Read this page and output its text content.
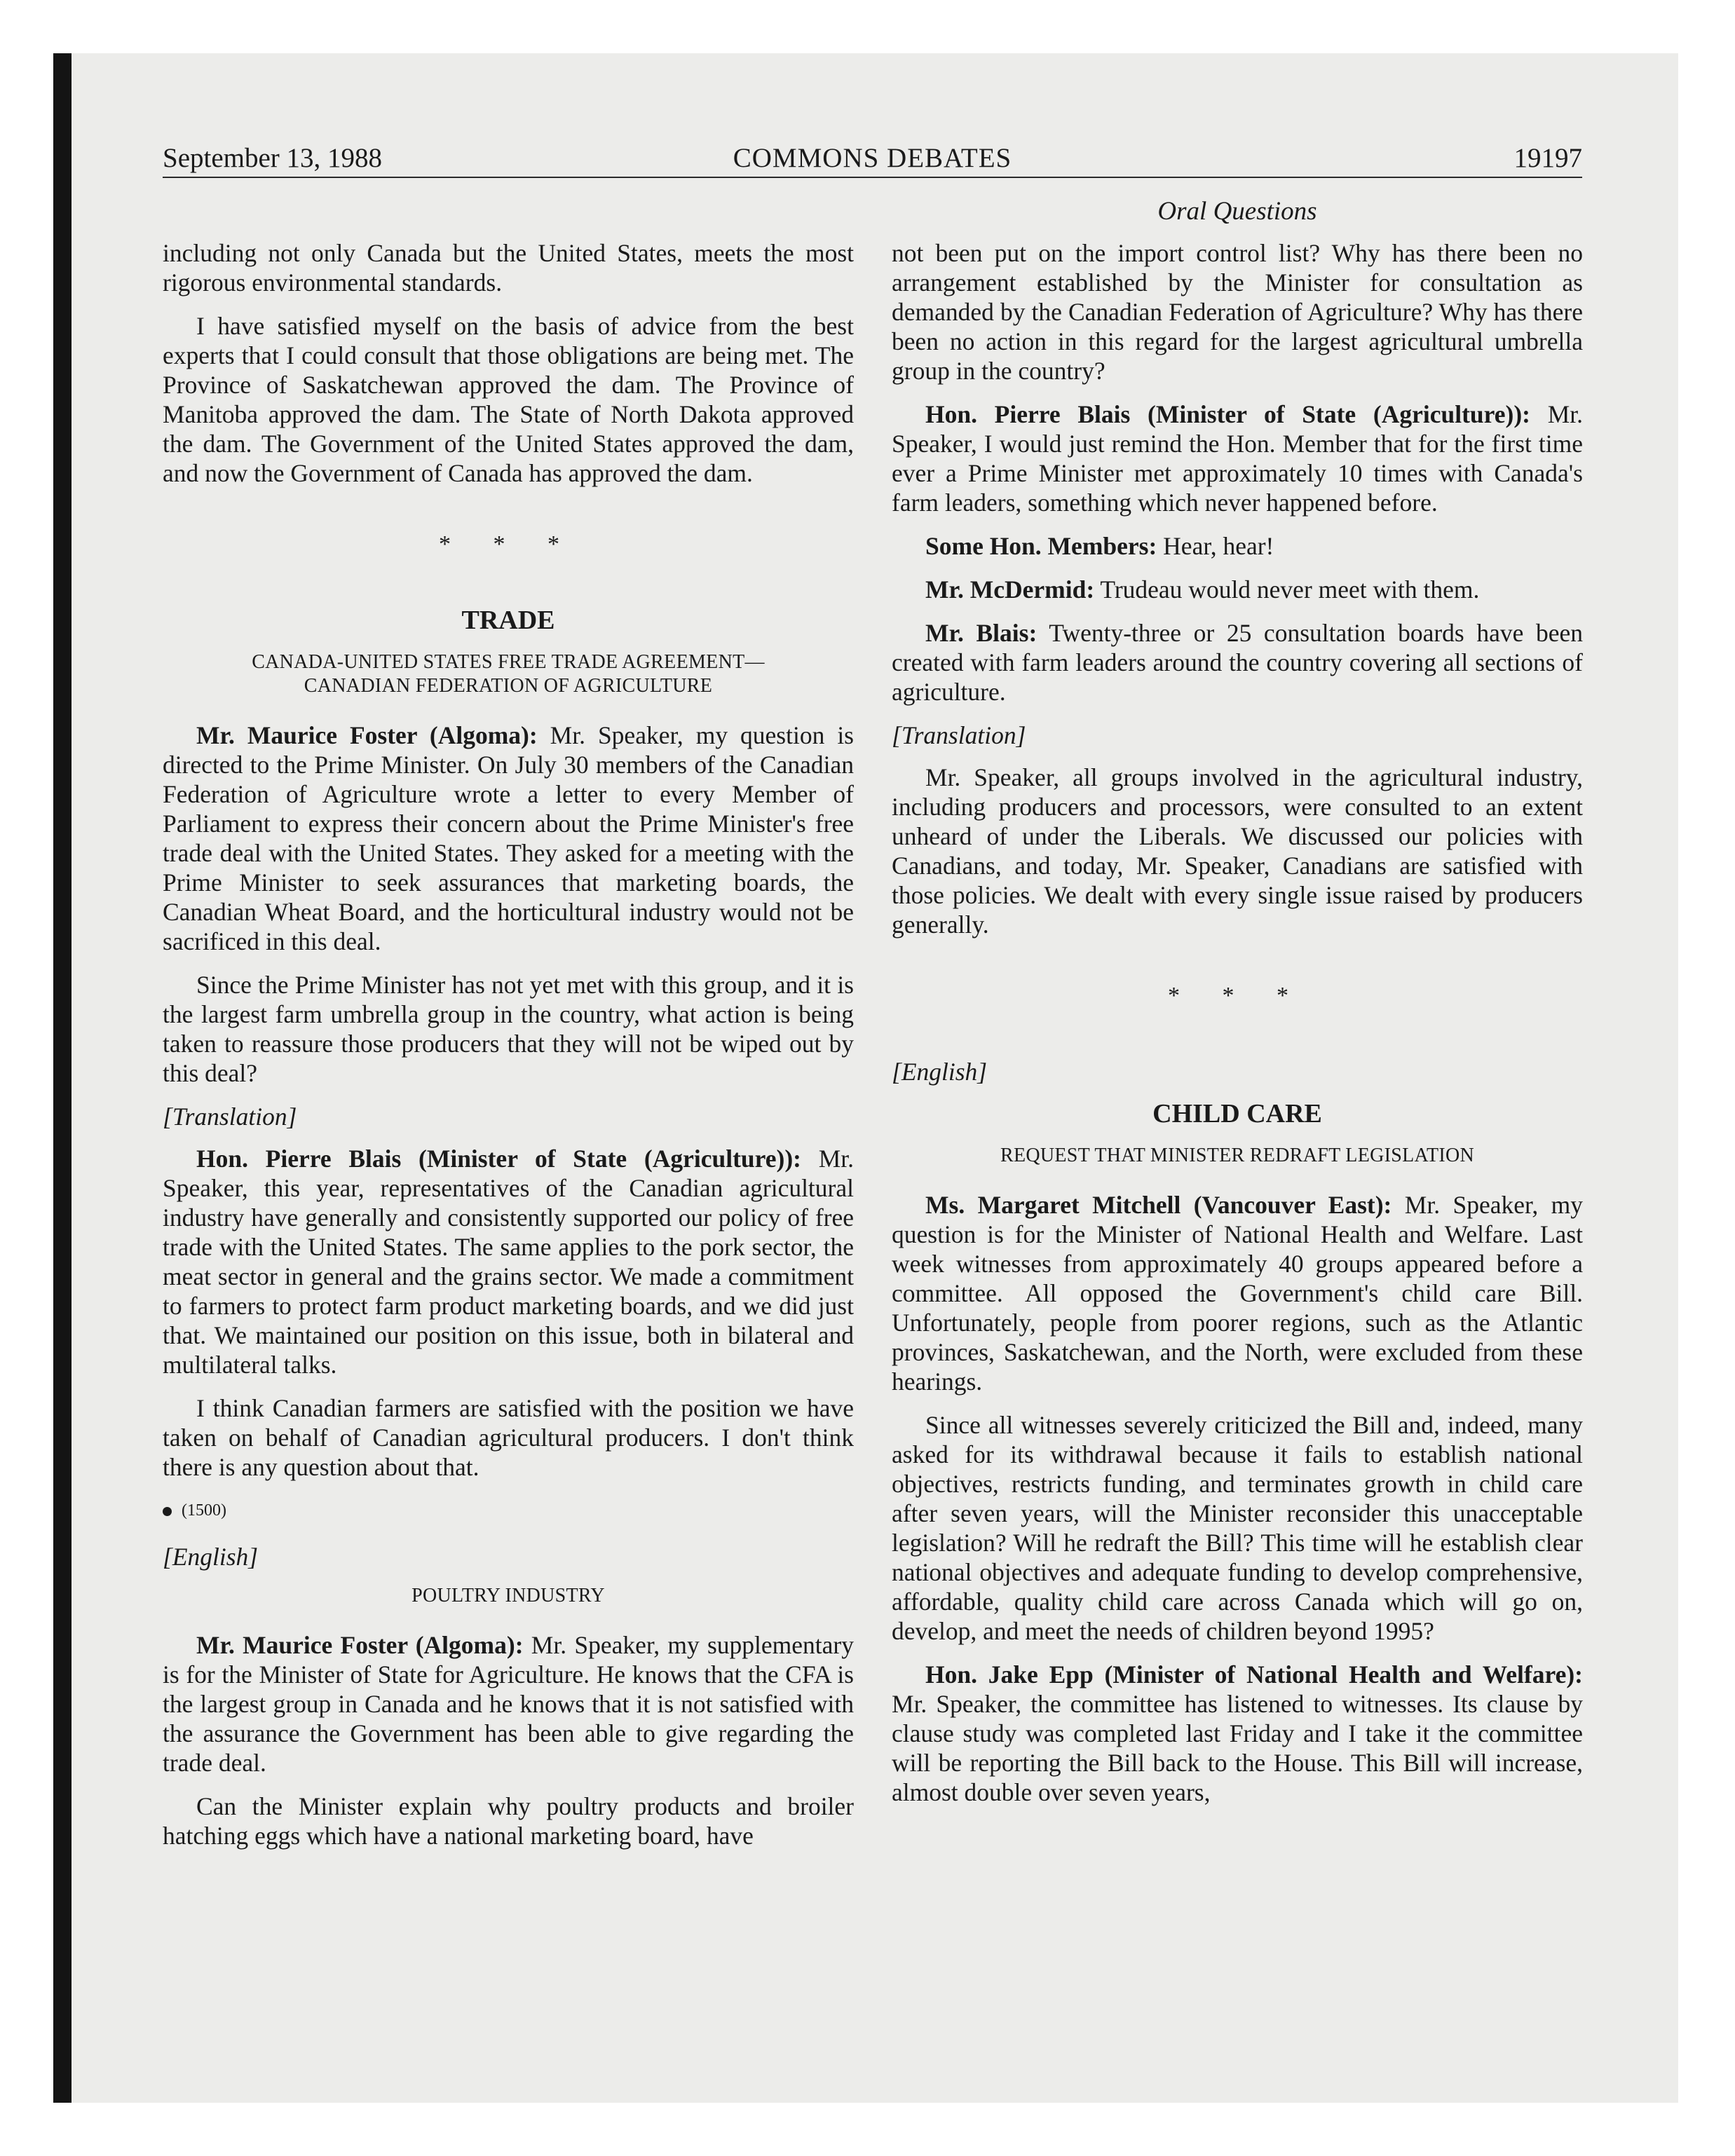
September 13, 1988	COMMONS DEBATES	19197
Oral Questions

including not only Canada but the United States, meets the most rigorous environmental standards.

I have satisfied myself on the basis of advice from the best experts that I could consult that those obligations are being met. The Province of Saskatchewan approved the dam. The Province of Manitoba approved the dam. The State of North Dakota approved the dam. The Government of the United States approved the dam, and now the Government of Canada has approved the dam.

* * *
TRADE
CANADA-UNITED STATES FREE TRADE AGREEMENT—
CANADIAN FEDERATION OF AGRICULTURE

Mr. Maurice Foster (Algoma): Mr. Speaker, my question is directed to the Prime Minister. On July 30 members of the Canadian Federation of Agriculture wrote a letter to every Member of Parliament to express their concern about the Prime Minister's free trade deal with the United States. They asked for a meeting with the Prime Minister to seek assurances that marketing boards, the Canadian Wheat Board, and the horticultural industry would not be sacrificed in this deal.

Since the Prime Minister has not yet met with this group, and it is the largest farm umbrella group in the country, what action is being taken to reassure those producers that they will not be wiped out by this deal?

[Translation]

Hon. Pierre Blais (Minister of State (Agriculture)): Mr. Speaker, this year, representatives of the Canadian agricultural industry have generally and consistently supported our policy of free trade with the United States. The same applies to the pork sector, the meat sector in general and the grains sector. We made a commitment to farmers to protect farm product marketing boards, and we did just that. We maintained our position on this issue, both in bilateral and multilateral talks.

I think Canadian farmers are satisfied with the position we have taken on behalf of Canadian agricultural producers. I don't think there is any question about that.

(1500)
[English]
POULTRY INDUSTRY

Mr. Maurice Foster (Algoma): Mr. Speaker, my supplementary is for the Minister of State for Agriculture. He knows that the CFA is the largest group in Canada and he knows that it is not satisfied with the assurance the Government has been able to give regarding the trade deal.

Can the Minister explain why poultry products and broiler hatching eggs which have a national marketing board, have

not been put on the import control list? Why has there been no arrangement established by the Minister for consultation as demanded by the Canadian Federation of Agriculture? Why has there been no action in this regard for the largest agricultural umbrella group in the country?

Hon. Pierre Blais (Minister of State (Agriculture)): Mr. Speaker, I would just remind the Hon. Member that for the first time ever a Prime Minister met approximately 10 times with Canada's farm leaders, something which never happened before.

Some Hon. Members: Hear, hear!

Mr. McDermid: Trudeau would never meet with them.

Mr. Blais: Twenty-three or 25 consultation boards have been created with farm leaders around the country covering all sections of agriculture.

[Translation]

Mr. Speaker, all groups involved in the agricultural industry, including producers and processors, were consulted to an extent unheard of under the Liberals. We discussed our policies with Canadians, and today, Mr. Speaker, Canadians are satisfied with those policies. We dealt with every single issue raised by producers generally.

* * *
[English]
CHILD CARE
REQUEST THAT MINISTER REDRAFT LEGISLATION

Ms. Margaret Mitchell (Vancouver East): Mr. Speaker, my question is for the Minister of National Health and Welfare. Last week witnesses from approximately 40 groups appeared before a committee. All opposed the Government's child care Bill. Unfortunately, people from poorer regions, such as the Atlantic provinces, Saskatchewan, and the North, were excluded from these hearings.

Since all witnesses severely criticized the Bill and, indeed, many asked for its withdrawal because it fails to establish national objectives, restricts funding, and terminates growth in child care after seven years, will the Minister reconsider this unacceptable legislation? Will he redraft the Bill? This time will he establish clear national objectives and adequate funding to develop comprehensive, affordable, quality child care across Canada which will go on, develop, and meet the needs of children beyond 1995?

Hon. Jake Epp (Minister of National Health and Welfare): Mr. Speaker, the committee has listened to witnesses. Its clause by clause study was completed last Friday and I take it the committee will be reporting the Bill back to the House. This Bill will increase, almost double over seven years,
